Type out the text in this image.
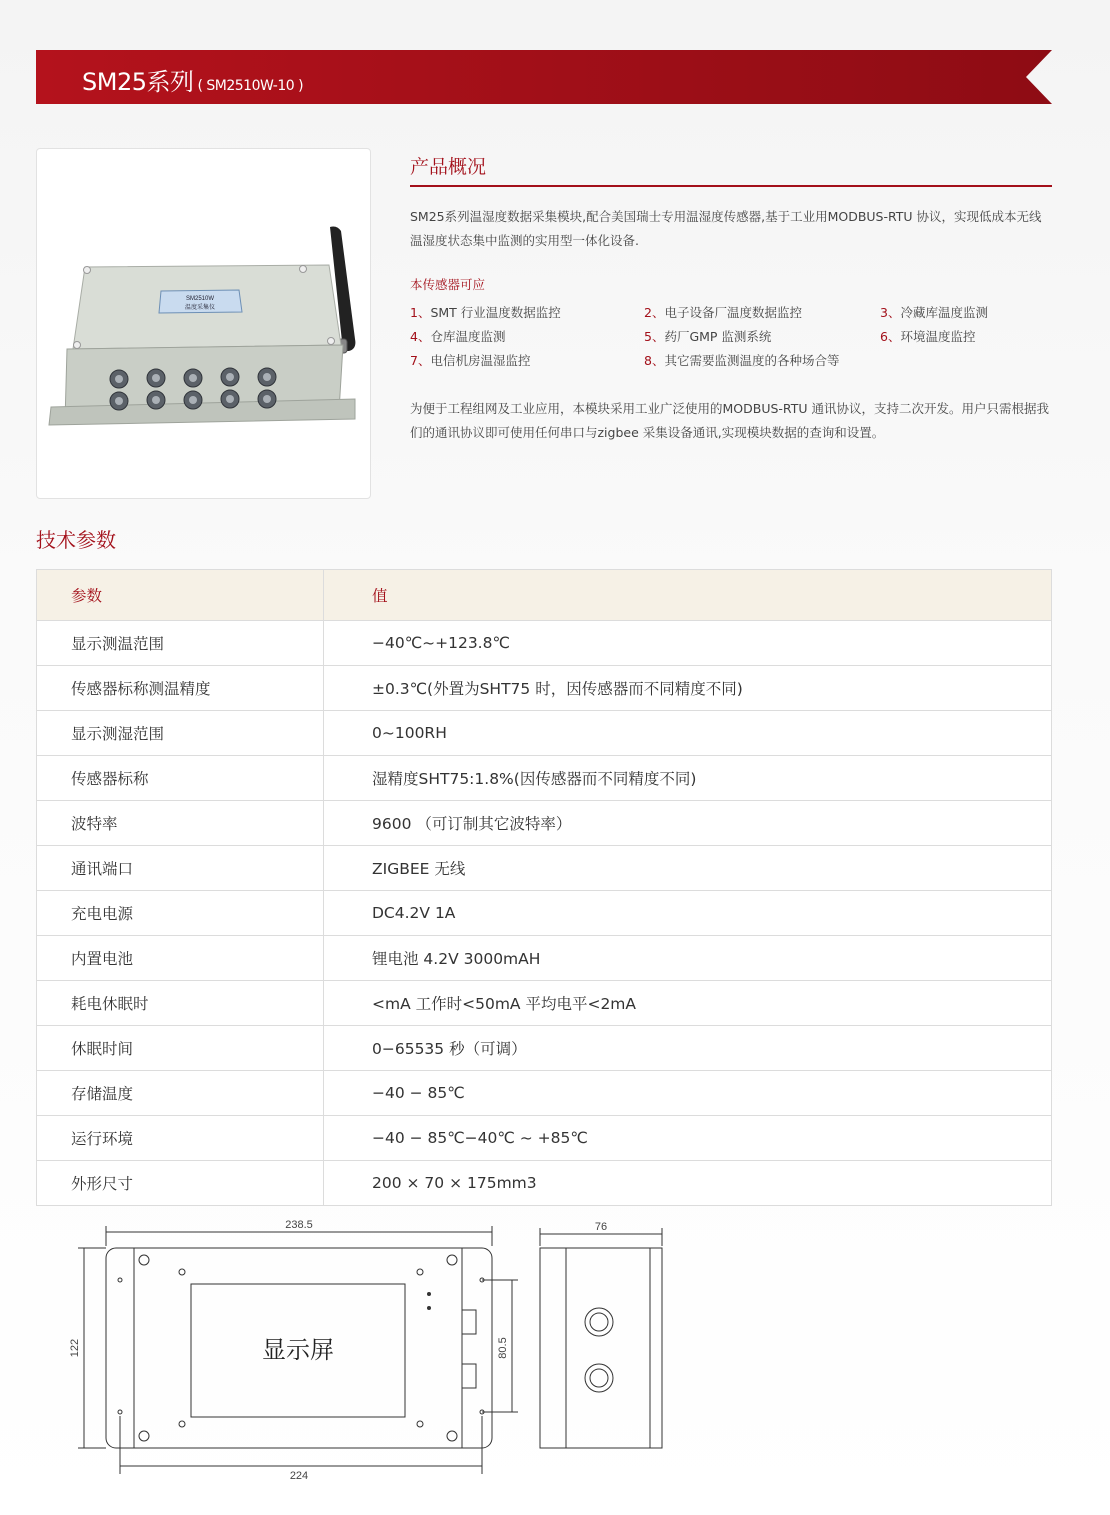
SM25系列 ( SM2510W-10 )
SM2510W
温度采集仪
产品概况

SM25系列温湿度数据采集模块,配合美国瑞士专用温湿度传感器,基于工业用MODBUS-RTU 协议，实现低成本无线温湿度状态集中监测的实用型一体化设备.

本传感器可应
1、SMT 行业温度数据监控	2、电子设备厂温度数据监控	3、冷藏库温度监测
4、仓库温度监测	5、药厂GMP 监测系统	6、环境温度监控
7、电信机房温湿监控	8、其它需要监测温度的各种场合等

为便于工程组网及工业应用，本模块采用工业广泛使用的MODBUS-RTU 通讯协议，支持二次开发。用户只需根据我们的通讯协议即可使用任何串口与zigbee 采集设备通讯,实现模块数据的查询和设置。

技术参数
参数	值
显示测温范围	−40℃~+123.8℃
传感器标称测温精度	±0.3℃(外置为SHT75 时，因传感器而不同精度不同)
显示测湿范围	0~100RH
传感器标称	湿精度SHT75:1.8%(因传感器而不同精度不同)
波特率	9600 （可订制其它波特率）
通讯端口	ZIGBEE 无线
充电电源	DC4.2V 1A
内置电池	锂电池 4.2V 3000mAH
耗电休眠时	<mA 工作时<50mA 平均电平<2mA
休眠时间	0−65535 秒（可调）
存储温度	−40 − 85℃
运行环境	−40 − 85℃−40℃ ~ +85℃
外形尺寸	200 × 70 × 175mm3
显示屏
238.5
224
122	80.5
76
